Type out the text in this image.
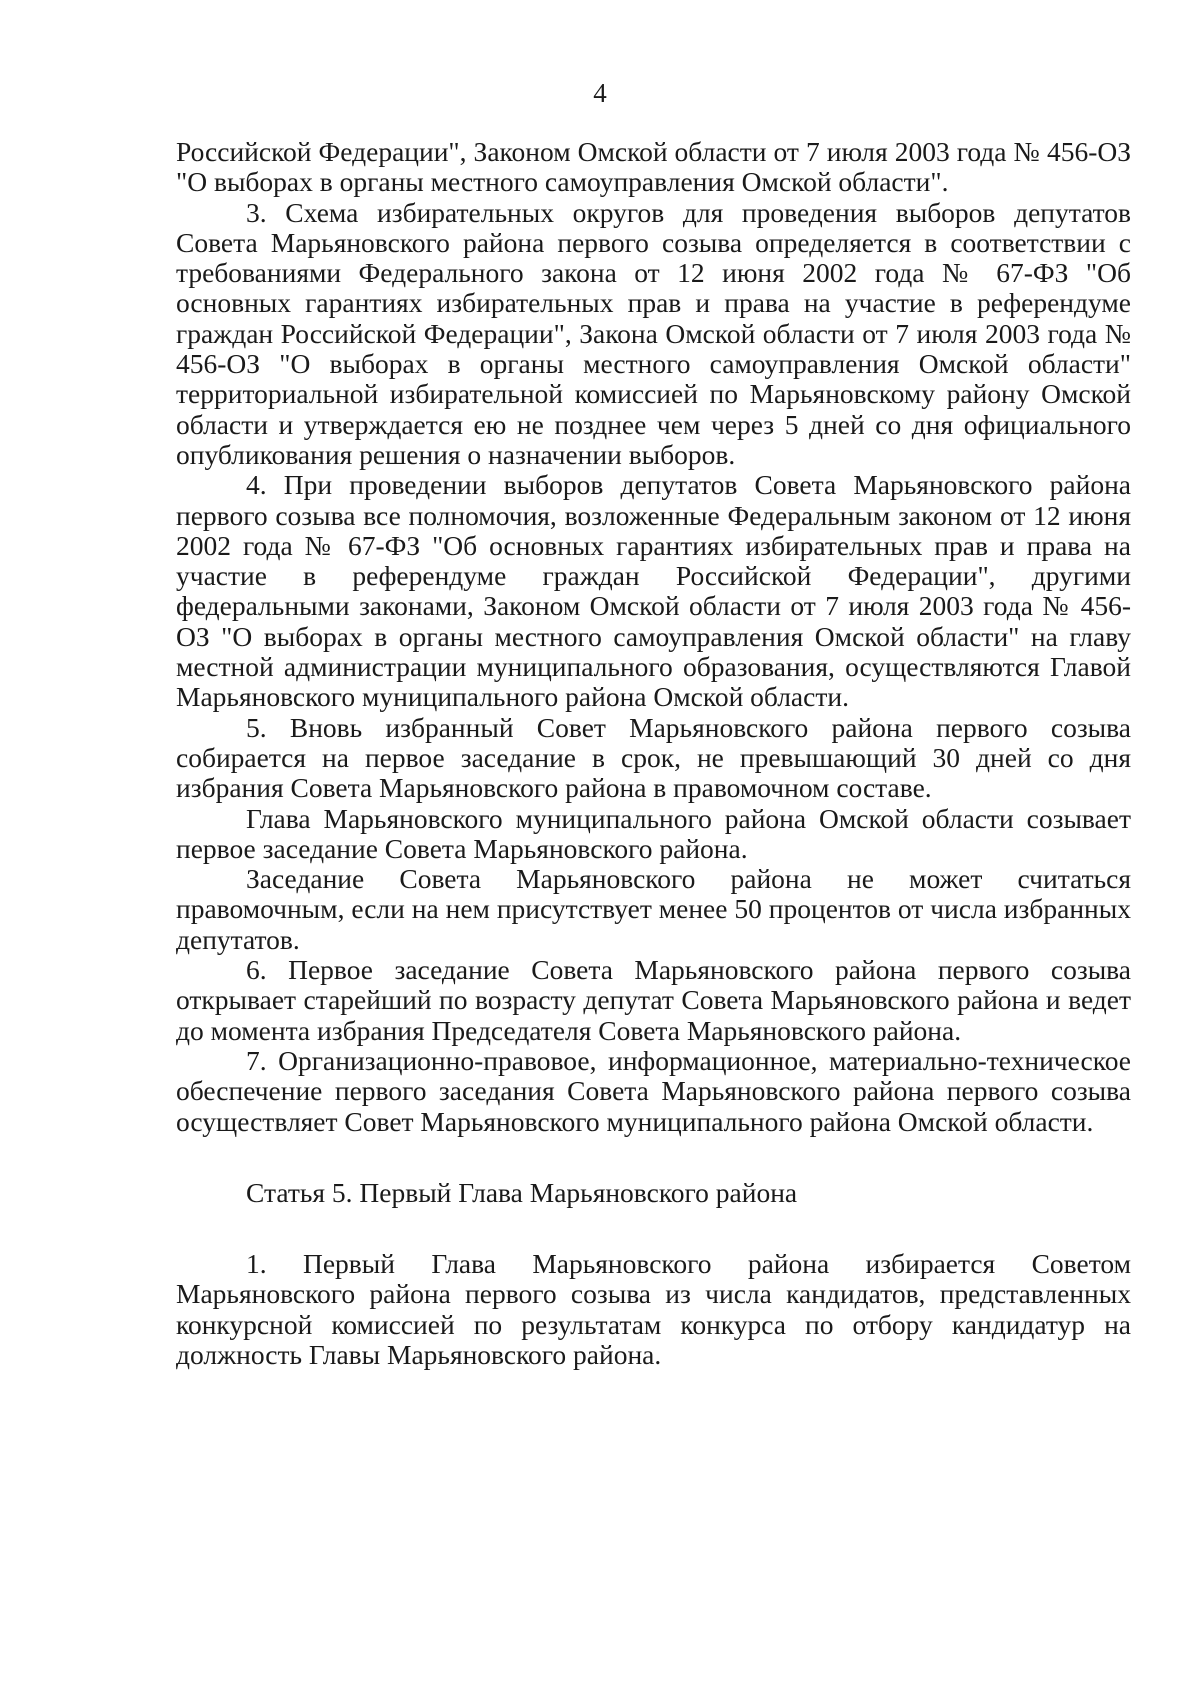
4

Российской Федерации", Законом Омской области от 7 июля 2003 года № 456-ОЗ "О выборах в органы местного самоуправления Омской области".

3. Схема избирательных округов для проведения выборов депутатов Совета Марьяновского района первого созыва определяется в соответствии с требованиями Федерального закона от 12 июня 2002 года № 67-ФЗ "Об основных гарантиях избирательных прав и права на участие в референдуме граждан Российской Федерации", Закона Омской области от 7 июля 2003 года № 456-ОЗ "О выборах в органы местного самоуправления Омской области" территориальной избирательной комиссией по Марьяновскому району Омской области и утверждается ею не позднее чем через 5 дней со дня официального опубликования решения о назначении выборов.

4. При проведении выборов депутатов Совета Марьяновского района первого созыва все полномочия, возложенные Федеральным законом от 12 июня 2002 года № 67-ФЗ "Об основных гарантиях избирательных прав и права на участие в референдуме граждан Российской Федерации", другими федеральными законами, Законом Омской области от 7 июля 2003 года № 456-ОЗ "О выборах в органы местного самоуправления Омской области" на главу местной администрации муниципального образования, осуществляются Главой Марьяновского муниципального района Омской области.

5. Вновь избранный Совет Марьяновского района первого созыва собирается на первое заседание в срок, не превышающий 30 дней со дня избрания Совета Марьяновского района в правомочном составе.

Глава Марьяновского муниципального района Омской области созывает первое заседание Совета Марьяновского района.

Заседание Совета Марьяновского района не может считаться правомочным, если на нем присутствует менее 50 процентов от числа избранных депутатов.

6. Первое заседание Совета Марьяновского района первого созыва открывает старейший по возрасту депутат Совета Марьяновского района и ведет до момента избрания Председателя Совета Марьяновского района.

7. Организационно-правовое, информационное, материально-техническое обеспечение первого заседания Совета Марьяновского района первого созыва осуществляет Совет Марьяновского муниципального района Омской области.

Статья 5. Первый Глава Марьяновского района

1. Первый Глава Марьяновского района избирается Советом Марьяновского района первого созыва из числа кандидатов, представленных конкурсной комиссией по результатам конкурса по отбору кандидатур на должность Главы Марьяновского района.
